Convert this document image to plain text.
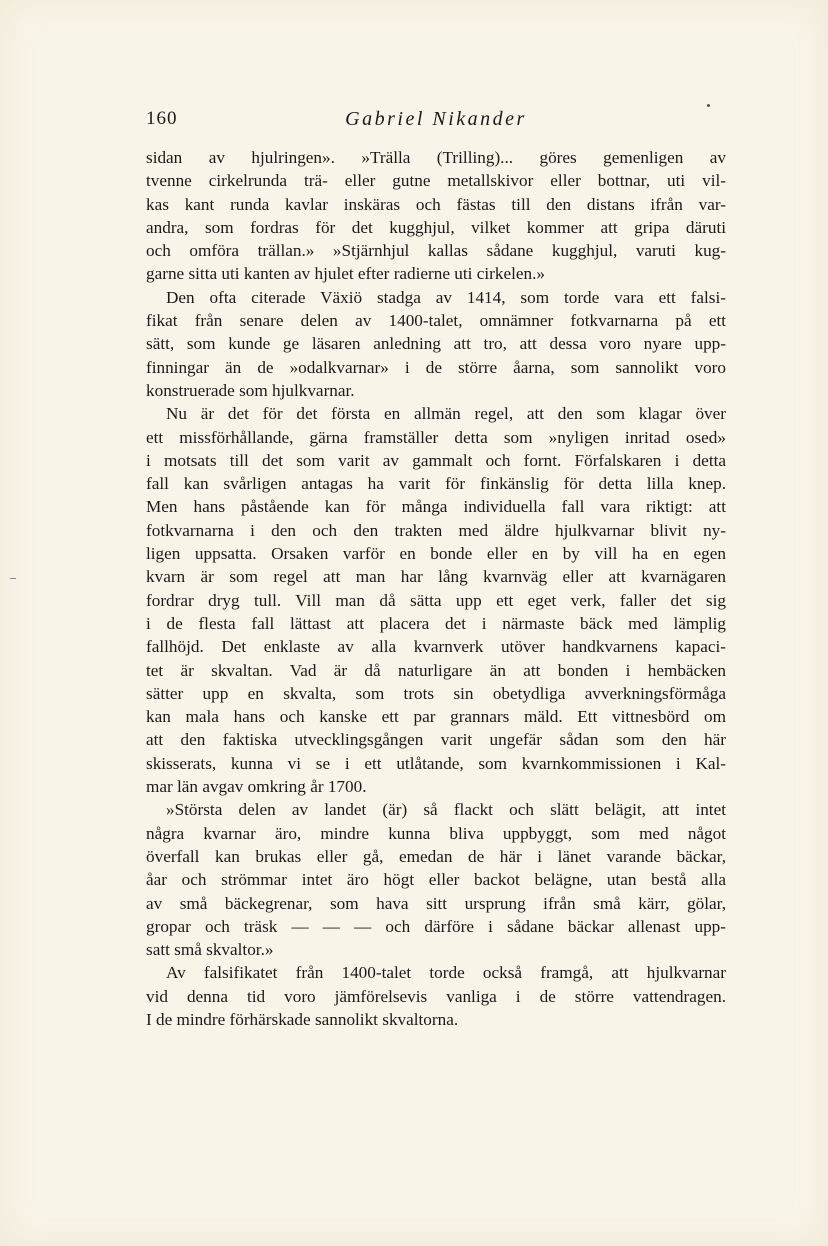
160	Gabriel Nikander
sidan av hjulringen». »Trälla (Trilling)... göres gemenligen av
tvenne cirkelrunda trä- eller gutne metallskivor eller bottnar, uti vil-
kas kant runda kavlar inskäras och fästas till den distans ifrån var-
andra, som fordras för det kugghjul, vilket kommer att gripa däruti
och omföra trällan.» »Stjärnhjul kallas sådane kugghjul, varuti kug-
garne sitta uti kanten av hjulet efter radierne uti cirkelen.»
Den ofta citerade Växiö stadga av 1414, som torde vara ett falsi-
fikat från senare delen av 1400-talet, omnämner fotkvarnarna på ett
sätt, som kunde ge läsaren anledning att tro, att dessa voro nyare upp-
finningar än de »odalkvarnar» i de större åarna, som sannolikt voro
konstruerade som hjulkvarnar.
Nu är det för det första en allmän regel, att den som klagar över
ett missförhållande, gärna framställer detta som »nyligen inritad osed»
i motsats till det som varit av gammalt och fornt. Förfalskaren i detta
fall kan svårligen antagas ha varit för finkänslig för detta lilla knep.
Men hans påstående kan för många individuella fall vara riktigt: att
fotkvarnarna i den och den trakten med äldre hjulkvarnar blivit ny-
ligen uppsatta. Orsaken varför en bonde eller en by vill ha en egen
kvarn är som regel att man har lång kvarnväg eller att kvarnägaren
fordrar dryg tull. Vill man då sätta upp ett eget verk, faller det sig
i de flesta fall lättast att placera det i närmaste bäck med lämplig
fallhöjd. Det enklaste av alla kvarnverk utöver handkvarnens kapaci-
tet är skvaltan. Vad är då naturligare än att bonden i hembäcken
sätter upp en skvalta, som trots sin obetydliga avverkningsförmåga
kan mala hans och kanske ett par grannars mäld. Ett vittnesbörd om
att den faktiska utvecklingsgången varit ungefär sådan som den här
skisserats, kunna vi se i ett utlåtande, som kvarnkommissionen i Kal-
mar län avgav omkring år 1700.
»Största delen av landet (är) så flackt och slätt belägit, att intet
några kvarnar äro, mindre kunna bliva uppbyggt, som med något
överfall kan brukas eller gå, emedan de här i länet varande bäckar,
åar och strömmar intet äro högt eller backot belägne, utan bestå alla
av små bäckegrenar, som hava sitt ursprung ifrån små kärr, gölar,
gropar och träsk — — — och därföre i sådane bäckar allenast upp-
satt små skvaltor.»
Av falsifikatet från 1400-talet torde också framgå, att hjulkvarnar
vid denna tid voro jämförelsevis vanliga i de större vattendragen.
I de mindre förhärskade sannolikt skvaltorna.
